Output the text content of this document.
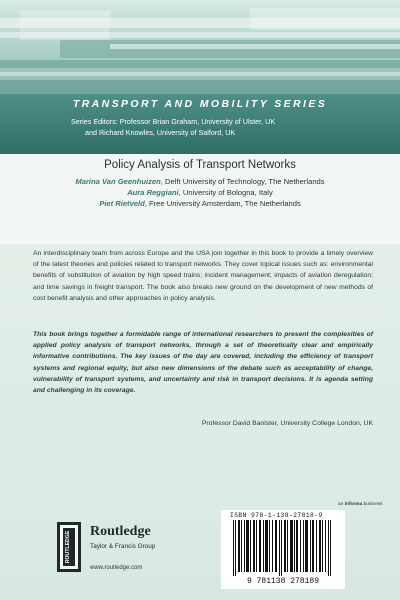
TRANSPORT AND MOBILITY SERIES
Series Editors: Professor Brian Graham, University of Ulster, UK
and Richard Knowles, University of Salford, UK
Policy Analysis of Transport Networks
Marina Van Geenhuizen, Delft University of Technology, The Netherlands
Aura Reggiani, University of Bologna, Italy
Piet Rietveld, Free University Amsterdam, The Netherlands
An interdisciplinary team from across Europe and the USA join together in this book to provide a timely overview of the latest theories and policies related to transport networks. They cover topical issues such as: environmental benefits of substitution of aviation by high speed trains; incident management; impacts of aviation deregulation; and time savings in freight transport. The book also breaks new ground on the development of new methods of cost benefit analysis and other approaches in policy analysis.
This book brings together a formidable range of international researchers to present the complexities of applied policy analysis of transport networks, through a set of theoretically clear and empirically informative contributions. The key issues of the day are covered, including the efficiency of transport systems and regional equity, but also new dimensions of the debate such as acceptability of change, vulnerability of transport systems, and uncertainty and risk in transport decisions. It is agenda setting and challenging in its coverage.
Professor David Banister, University College London, UK
an informa business
ROUTLEDGE Routledge
Taylor & Francis Group
www.routledge.com
ISBN 978-1-138-27818-9
9 781138 278189
